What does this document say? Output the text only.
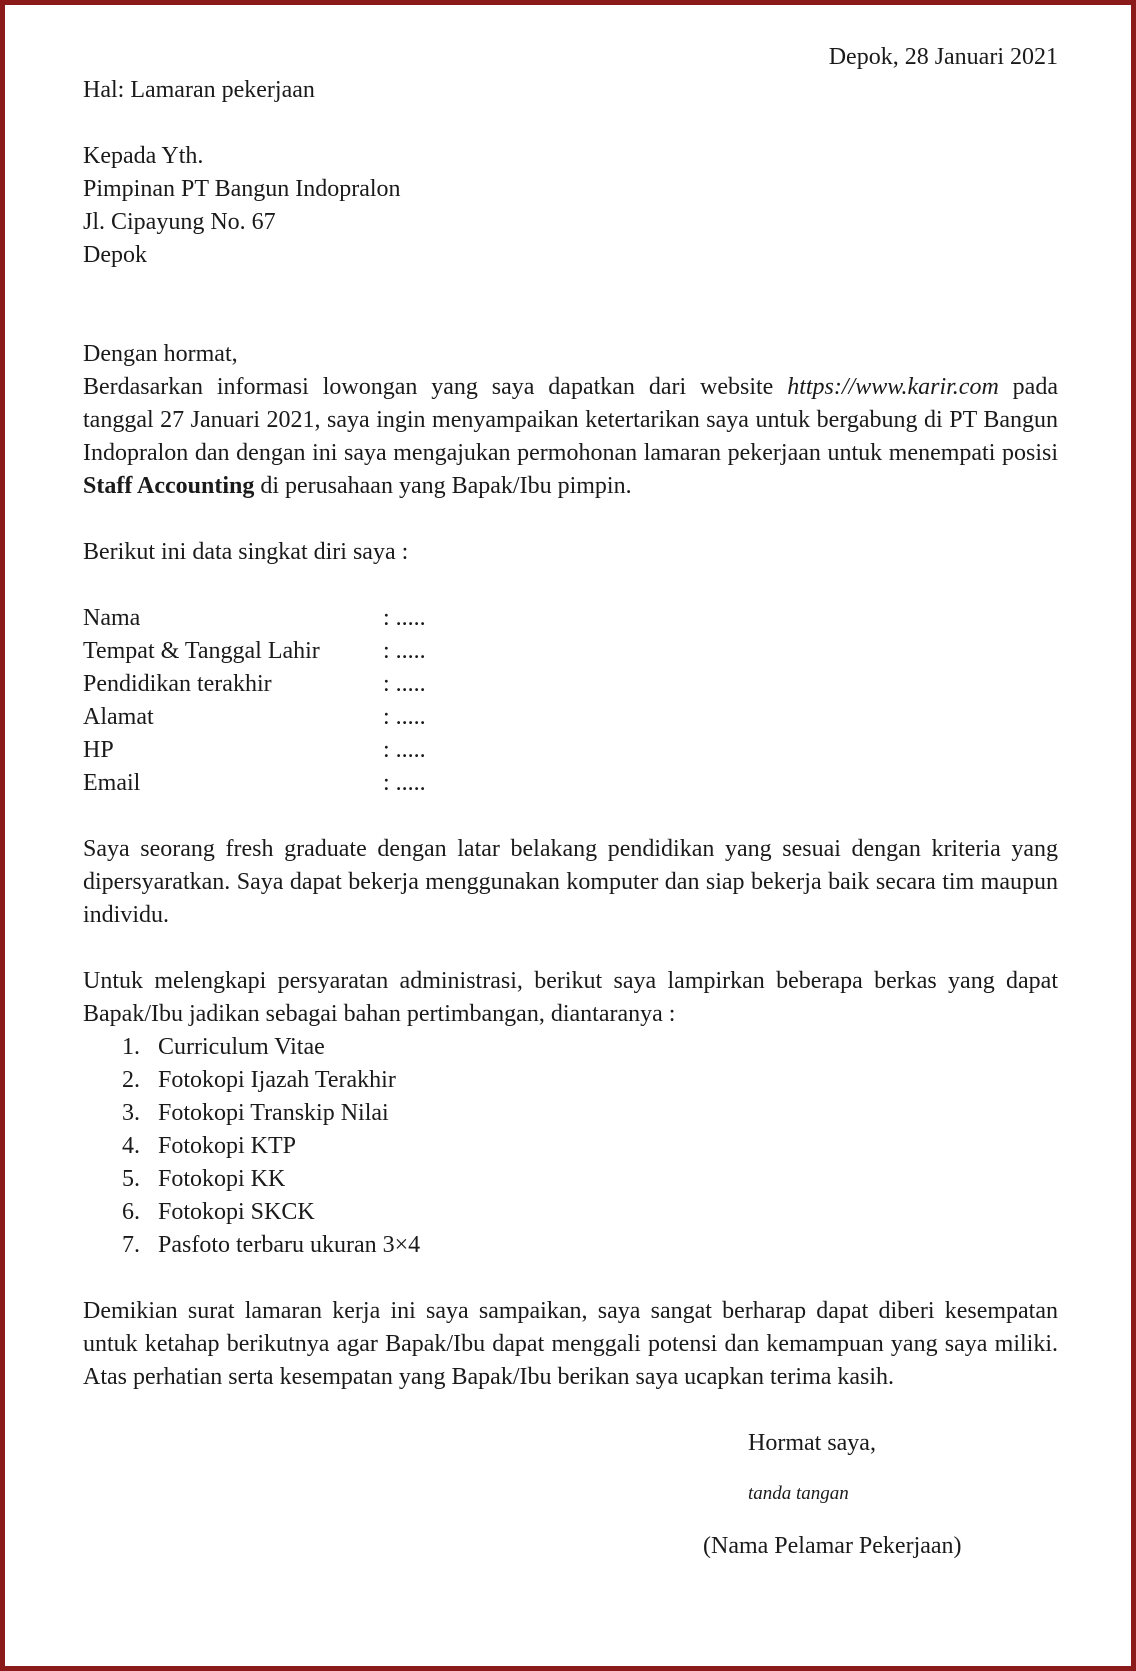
Depok, 28 Januari 2021
Hal: Lamaran pekerjaan
Kepada Yth.
Pimpinan PT Bangun Indopralon
Jl. Cipayung No. 67
Depok
Dengan hormat,
Berdasarkan informasi lowongan yang saya dapatkan dari website https://www.karir.com pada tanggal 27 Januari 2021, saya ingin menyampaikan ketertarikan saya untuk bergabung di PT Bangun Indopralon dan dengan ini saya mengajukan permohonan lamaran pekerjaan untuk menempati posisi Staff Accounting di perusahaan yang Bapak/Ibu pimpin.
Berikut ini data singkat diri saya :
Nama	: .....
Tempat & Tanggal Lahir	: .....
Pendidikan terakhir	: .....
Alamat	: .....
HP	: .....
Email	: .....
Saya seorang fresh graduate dengan latar belakang pendidikan yang sesuai dengan kriteria yang dipersyaratkan. Saya dapat bekerja menggunakan komputer dan siap bekerja baik secara tim maupun individu.
Untuk melengkapi persyaratan administrasi, berikut saya lampirkan beberapa berkas yang dapat Bapak/Ibu jadikan sebagai bahan pertimbangan, diantaranya :
1. Curriculum Vitae
2. Fotokopi Ijazah Terakhir
3. Fotokopi Transkip Nilai
4. Fotokopi KTP
5. Fotokopi KK
6. Fotokopi SKCK
7. Pasfoto terbaru ukuran 3×4
Demikian surat lamaran kerja ini saya sampaikan, saya sangat berharap dapat diberi kesempatan untuk ketahap berikutnya agar Bapak/Ibu dapat menggali potensi dan kemampuan yang saya miliki. Atas perhatian serta kesempatan yang Bapak/Ibu berikan saya ucapkan terima kasih.
Hormat saya,
tanda tangan
(Nama Pelamar Pekerjaan)
